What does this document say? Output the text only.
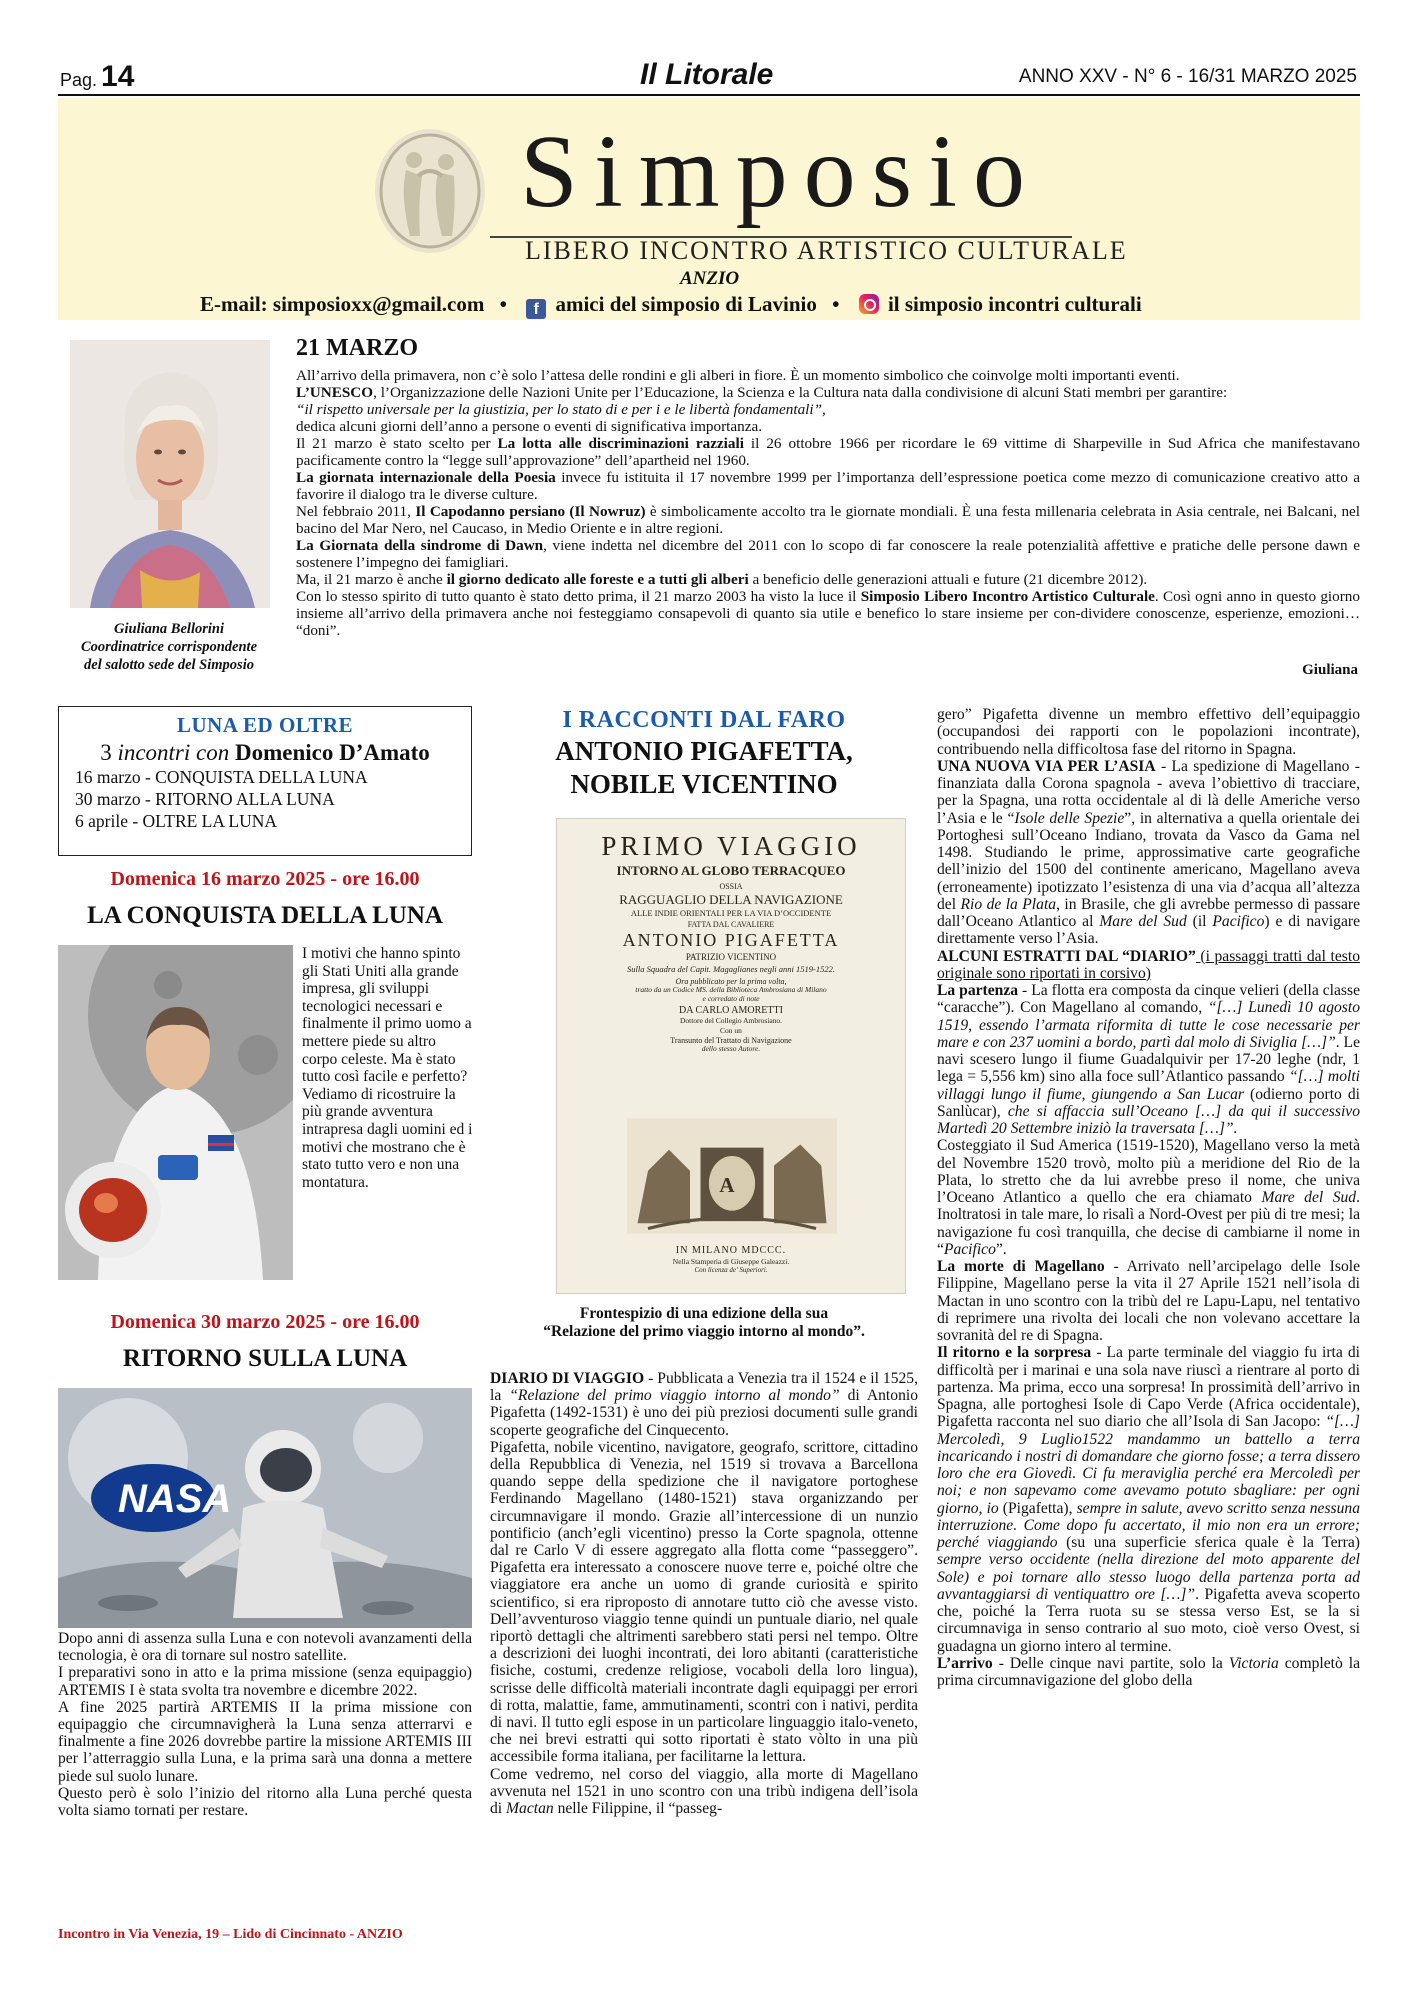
Pag. 14	Il Litorale	ANNO XXV - N° 6 - 16/31 MARZO 2025
Simposio
LIBERO INCONTRO ARTISTICO CULTURALE
ANZIO
E-mail: simposioxx@gmail.com • f amici del simposio di Lavinio • il simposio incontri culturali
Giuliana Bellorini
Coordinatrice corrispondente
del salotto sede del Simposio
21 MARZO

All’arrivo della primavera, non c’è solo l’attesa delle rondini e gli alberi in fiore. È un momento simbolico che coinvolge molti importanti eventi.

L’UNESCO, l’Organizzazione delle Nazioni Unite per l’Educazione, la Scienza e la Cultura nata dalla condivisione di alcuni Stati membri per garantire:

“il rispetto universale per la giustizia, per lo stato di e per i e le libertà fondamentali”,

dedica alcuni giorni dell’anno a persone o eventi di significativa importanza.

Il 21 marzo è stato scelto per La lotta alle discriminazioni razziali il 26 ottobre 1966 per ricordare le 69 vittime di Sharpeville in Sud Africa che manifestavano pacificamente contro la “legge sull’approvazione” dell’apartheid nel 1960.

La giornata internazionale della Poesia invece fu istituita il 17 novembre 1999 per l’importanza dell’espressione poetica come mezzo di comunicazione creativo atto a favorire il dialogo tra le diverse culture.

Nel febbraio 2011, Il Capodanno persiano (Il Nowruz) è simbolicamente accolto tra le giornate mondiali. È una festa millenaria celebrata in Asia centrale, nei Balcani, nel bacino del Mar Nero, nel Caucaso, in Medio Oriente e in altre regioni.

La Giornata della sindrome di Dawn, viene indetta nel dicembre del 2011 con lo scopo di far conoscere la reale potenzialità affettive e pratiche delle persone dawn e sostenere l’impegno dei famigliari.

Ma, il 21 marzo è anche il giorno dedicato alle foreste e a tutti gli alberi a beneficio delle generazioni attuali e future (21 dicembre 2012).

Con lo stesso spirito di tutto quanto è stato detto prima, il 21 marzo 2003 ha visto la luce il Simposio Libero Incontro Artistico Culturale. Così ogni anno in questo giorno insieme all’arrivo della primavera anche noi festeggiamo consapevoli di quanto sia utile e benefico lo stare insieme per con-dividere conoscenze, esperienze, emozioni… “doni”.

Giuliana
LUNA ED OLTRE
3 incontri con Domenico D’Amato
16 marzo - CONQUISTA DELLA LUNA
30 marzo - RITORNO ALLA LUNA
6 aprile - OLTRE LA LUNA
Domenica 16 marzo 2025 - ore 16.00
LA CONQUISTA DELLA LUNA
I motivi che hanno spinto gli Stati Uniti alla grande impresa, gli sviluppi tecnologici necessari e finalmente il primo uomo a mettere piede su altro corpo celeste. Ma è stato tutto così facile e perfetto? Vediamo di ricostruire la più grande avventura intrapresa dagli uomini ed i motivi che mostrano che è stato tutto vero e non una montatura.
Domenica 30 marzo 2025 - ore 16.00
RITORNO SULLA LUNA
NASA

Dopo anni di assenza sulla Luna e con notevoli avanzamenti della tecnologia, è ora di tornare sul nostro satellite.

I preparativi sono in atto e la prima missione (senza equipaggio) ARTEMIS I è stata svolta tra novembre e dicembre 2022.

A fine 2025 partirà ARTEMIS II la prima missione con equipaggio che circumnavigherà la Luna senza atterrarvi e finalmente a fine 2026 dovrebbe partire la missione ARTEMIS III per l’atterraggio sulla Luna, e la prima sarà una donna a mettere piede sul suolo lunare.

Questo però è solo l’inizio del ritorno alla Luna perché questa volta siamo tornati per restare.

Incontro in Via Venezia, 19 – Lido di Cincinnato - ANZIO
I RACCONTI DAL FARO
ANTONIO PIGAFETTA,
NOBILE VICENTINO
PRIMO VIAGGIO
INTORNO AL GLOBO TERRACQUEO
OSSIA
RAGGUAGLIO DELLA NAVIGAZIONE
ALLE INDIE ORIENTALI PER LA VIA D’OCCIDENTE
FATTA DAL CAVALIERE
ANTONIO PIGAFETTA
PATRIZIO VICENTINO
Sulla Squadra del Capit. Magaglianes negli anni 1519-1522.
Ora pubblicato per la prima volta,
tratto da un Codice MS. della Biblioteca Ambrosiana di Milano
e corredato di note
DA CARLO AMORETTI
Dottore del Collegio Ambrosiano.
Con un
Transunto del Trattato di Navigazione
dello stesso Autore.
A
IN MILANO MDCCC.
Nella Stamperia di Giuseppe Galeazzi.
Con licenza de’ Superiori.
Frontespizio di una edizione della sua
“Relazione del primo viaggio intorno al mondo”.

DIARIO DI VIAGGIO - Pubblicata a Venezia tra il 1524 e il 1525, la “Relazione del primo viaggio intorno al mondo” di Antonio Pigafetta (1492-1531) è uno dei più preziosi documenti sulle grandi scoperte geografiche del Cinquecento.

Pigafetta, nobile vicentino, navigatore, geografo, scrittore, cittadino della Repubblica di Venezia, nel 1519 si trovava a Barcellona quando seppe della spedizione che il navigatore portoghese Ferdinando Magellano (1480-1521) stava organizzando per circumnavigare il mondo. Grazie all’intercessione di un nunzio pontificio (anch’egli vicentino) presso la Corte spagnola, ottenne dal re Carlo V di essere aggregato alla flotta come “passeggero”. Pigafetta era interessato a conoscere nuove terre e, poiché oltre che viaggiatore era anche un uomo di grande curiosità e spirito scientifico, si era riproposto di annotare tutto ciò che avesse visto. Dell’avventuroso viaggio tenne quindi un puntuale diario, nel quale riportò dettagli che altrimenti sarebbero stati persi nel tempo. Oltre a descrizioni dei luoghi incontrati, dei loro abitanti (caratteristiche fisiche, costumi, credenze religiose, vocaboli della loro lingua), scrisse delle difficoltà materiali incontrate dagli equipaggi per errori di rotta, malattie, fame, ammutinamenti, scontri con i nativi, perdita di navi. Il tutto egli espose in un particolare linguaggio italo-veneto, che nei brevi estratti qui sotto riportati è stato vòlto in una più accessibile forma italiana, per facilitarne la lettura.

Come vedremo, nel corso del viaggio, alla morte di Magellano avvenuta nel 1521 in uno scontro con una tribù indigena dell’isola di Mactan nelle Filippine, il “passeg-

gero” Pigafetta divenne un membro effettivo dell’equipaggio (occupandosi dei rapporti con le popolazioni incontrate), contribuendo nella difficoltosa fase del ritorno in Spagna.

UNA NUOVA VIA PER L’ASIA - La spedizione di Magellano - finanziata dalla Corona spagnola - aveva l’obiettivo di tracciare, per la Spagna, una rotta occidentale al di là delle Americhe verso l’Asia e le “Isole delle Spezie”, in alternativa a quella orientale dei Portoghesi sull’Oceano Indiano, trovata da Vasco da Gama nel 1498. Studiando le prime, approssimative carte geografiche dell’inizio del 1500 del continente americano, Magellano aveva (erroneamente) ipotizzato l’esistenza di una via d’acqua all’altezza del Rio de la Plata, in Brasile, che gli avrebbe permesso di passare dall’Oceano Atlantico al Mare del Sud (il Pacifico) e di navigare direttamente verso l’Asia.

ALCUNI ESTRATTI DAL “DIARIO” (i passaggi tratti dal testo originale sono riportati in corsivo)

La partenza - La flotta era composta da cinque velieri (della classe “caracche”). Con Magellano al comando, “[…] Lunedì 10 agosto 1519, essendo l’armata riformita di tutte le cose necessarie per mare e con 237 uomini a bordo, partì dal molo di Siviglia […]”. Le navi scesero lungo il fiume Guadalquivir per 17-20 leghe (ndr, 1 lega = 5,556 km) sino alla foce sull’Atlantico passando “[…] molti villaggi lungo il fiume, giungendo a San Lucar (odierno porto di Sanlùcar), che si affaccia sull’Oceano […] da qui il successivo Martedì 20 Settembre iniziò la traversata […]”.

Costeggiato il Sud America (1519-1520), Magellano verso la metà del Novembre 1520 trovò, molto più a meridione del Rio de la Plata, lo stretto che da lui avrebbe preso il nome, che univa l’Oceano Atlantico a quello che era chiamato Mare del Sud. Inoltratosi in tale mare, lo risalì a Nord-Ovest per più di tre mesi; la navigazione fu così tranquilla, che decise di cambiarne il nome in “Pacifico”.

La morte di Magellano - Arrivato nell’arcipelago delle Isole Filippine, Magellano perse la vita il 27 Aprile 1521 nell’isola di Mactan in uno scontro con la tribù del re Lapu-Lapu, nel tentativo di reprimere una rivolta dei locali che non volevano accettare la sovranità del re di Spagna.

Il ritorno e la sorpresa - La parte terminale del viaggio fu irta di difficoltà per i marinai e una sola nave riuscì a rientrare al porto di partenza. Ma prima, ecco una sorpresa! In prossimità dell’arrivo in Spagna, alle portoghesi Isole di Capo Verde (Africa occidentale), Pigafetta racconta nel suo diario che all’Isola di San Jacopo: “[…] Mercoledì, 9 Luglio1522 mandammo un battello a terra incaricando i nostri di domandare che giorno fosse; a terra dissero loro che era Giovedì. Ci fu meraviglia perché era Mercoledì per noi; e non sapevamo come avevamo potuto sbagliare: per ogni giorno, io (Pigafetta), sempre in salute, avevo scritto senza nessuna interruzione. Come dopo fu accertato, il mio non era un errore; perché viaggiando (su una superficie sferica quale è la Terra) sempre verso occidente (nella direzione del moto apparente del Sole) e poi tornare allo stesso luogo della partenza porta ad avvantaggiarsi di ventiquattro ore […]”. Pigafetta aveva scoperto che, poiché la Terra ruota su se stessa verso Est, se la si circumnaviga in senso contrario al suo moto, cioè verso Ovest, si guadagna un giorno intero al termine.

L’arrivo - Delle cinque navi partite, solo la Victoria completò la prima circumnavigazione del globo della
